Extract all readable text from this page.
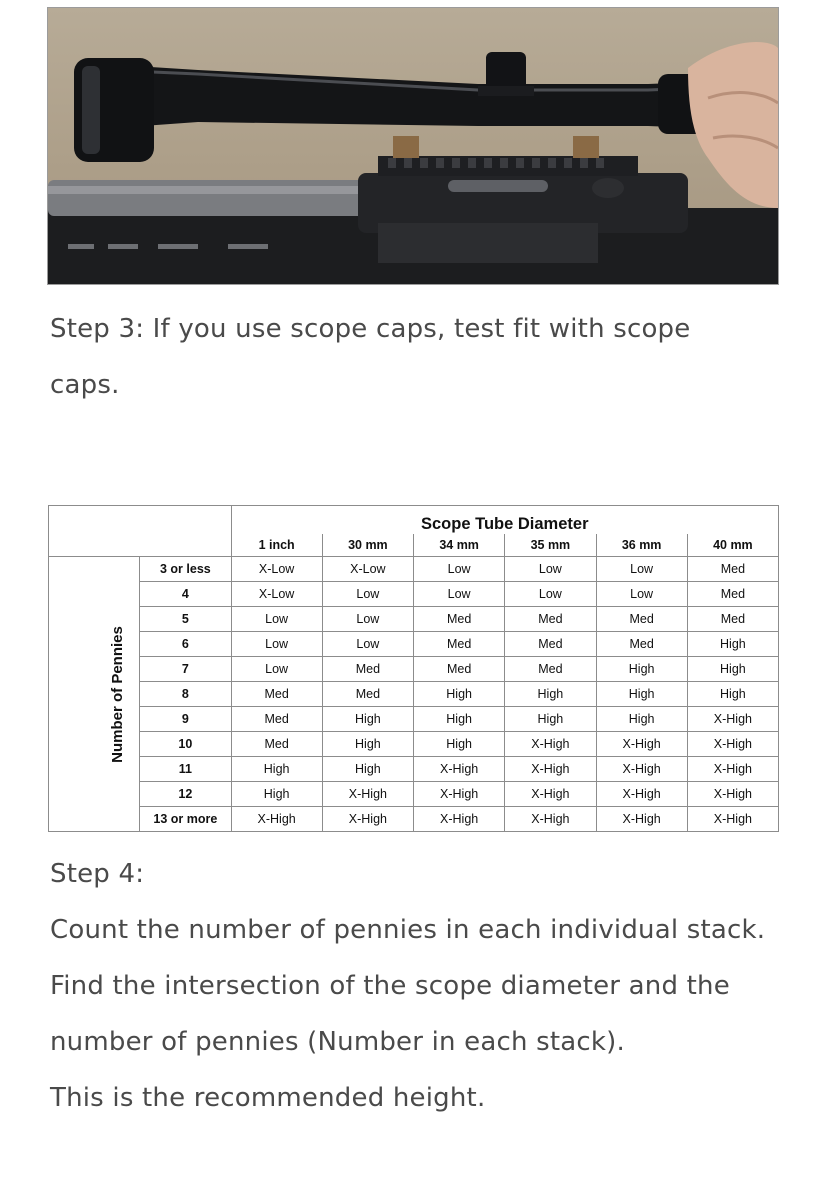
Step 3: If you use scope caps, test fit with scope caps.

		Scope Tube Diameter					
		1 inch	30 mm	34 mm	35 mm	36 mm	40 mm
Number of Pennies	3 or less	X-Low	X-Low	Low	Low	Low	Med
	4	X-Low	Low	Low	Low	Low	Med
	5	Low	Low	Med	Med	Med	Med
	6	Low	Low	Med	Med	Med	High
	7	Low	Med	Med	Med	High	High
	8	Med	Med	High	High	High	High
	9	Med	High	High	High	High	X-High
	10	Med	High	High	X-High	X-High	X-High
	11	High	High	X-High	X-High	X-High	X-High
	12	High	X-High	X-High	X-High	X-High	X-High
	13 or more	X-High	X-High	X-High	X-High	X-High	X-High

Step 4:

Count the number of pennies in each individual stack.

Find the intersection of the scope diameter and the number of pennies (Number in each stack).

This is the recommended height.
